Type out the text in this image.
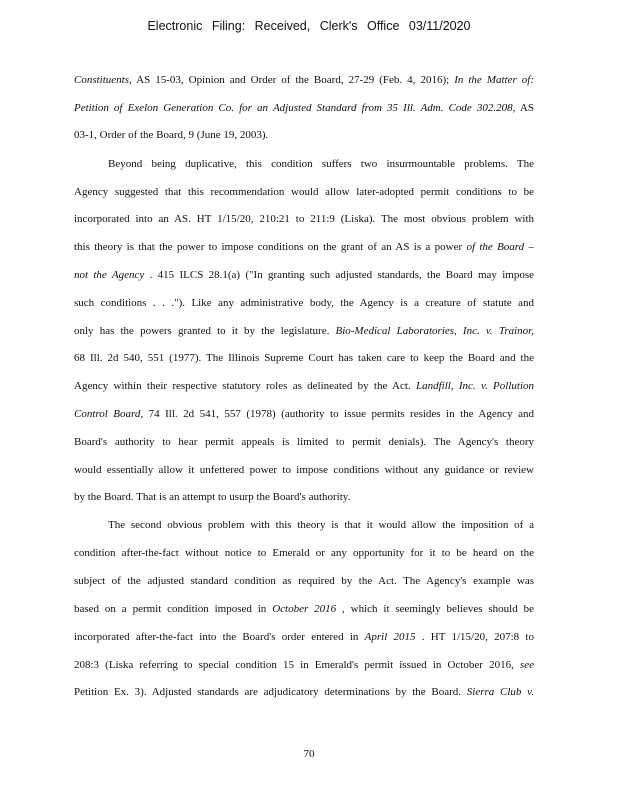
Electronic Filing: Received, Clerk's Office 03/11/2020
Constituents, AS 15-03, Opinion and Order of the Board, 27-29 (Feb. 4, 2016); In the Matter of:
Petition of Exelon Generation Co. for an Adjusted Standard from 35 Ill. Adm. Code 302.208, AS
03-1, Order of the Board, 9 (June 19, 2003).
Beyond being duplicative, this condition suffers two insurmountable problems. The
Agency suggested that this recommendation would allow later-adopted permit conditions to be
incorporated into an AS. HT 1/15/20, 210:21 to 211:9 (Liska). The most obvious problem with
this theory is that the power to impose conditions on the grant of an AS is a power of the Board –
not the Agency . 415 ILCS 28.1(a) ("In granting such adjusted standards, the Board may impose
such conditions . . ."). Like any administrative body, the Agency is a creature of statute and
only has the powers granted to it by the legislature. Bio-Medical Laboratories, Inc. v. Trainor,
68 Ill. 2d 540, 551 (1977). The Illinois Supreme Court has taken care to keep the Board and the
Agency within their respective statutory roles as delineated by the Act. Landfill, Inc. v. Pollution
Control Board, 74 Ill. 2d 541, 557 (1978) (authority to issue permits resides in the Agency and
Board's authority to hear permit appeals is limited to permit denials). The Agency's theory
would essentially allow it unfettered power to impose conditions without any guidance or review
by the Board. That is an attempt to usurp the Board's authority.
The second obvious problem with this theory is that it would allow the imposition of a
condition after-the-fact without notice to Emerald or any opportunity for it to be heard on the
subject of the adjusted standard condition as required by the Act. The Agency's example was
based on a permit condition imposed in October 2016 , which it seemingly believes should be
incorporated after-the-fact into the Board's order entered in April 2015 . HT 1/15/20, 207:8 to
208:3 (Liska referring to special condition 15 in Emerald's permit issued in October 2016, see
Petition Ex. 3). Adjusted standards are adjudicatory determinations by the Board. Sierra Club v.
70
